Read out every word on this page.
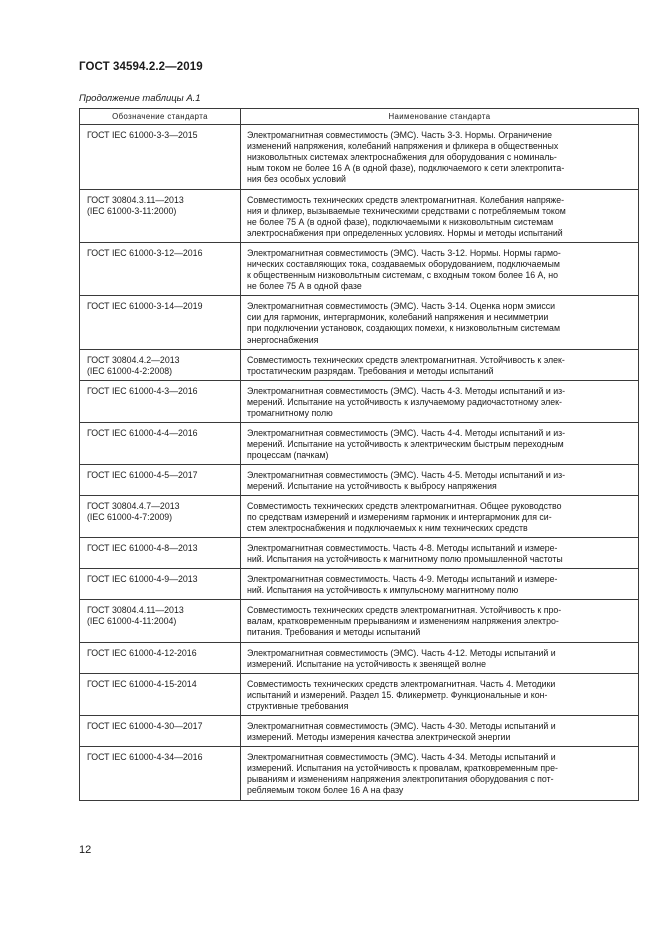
ГОСТ 34594.2.2—2019
Продолжение таблицы А.1
Обозначение стандарта	Наименование стандарта

ГОСТ IEC 61000-3-3—2015	Электромагнитная совместимость (ЭМС). Часть 3-3. Нормы. Ограничение
изменений напряжения, колебаний напряжения и фликера в общественных
низковольтных системах электроснабжения для оборудования с номиналь-
ным током не более 16 А (в одной фазе), подключаемого к сети электропита-
ния без особых условий

ГОСТ 30804.3.11—2013
(IEC 61000-3-11:2000)	Совместимость технических средств электромагнитная. Колебания напряже-
ния и фликер, вызываемые техническими средствами с потребляемым током
не более 75 А (в одной фазе), подключаемыми к низковольтным системам
электроснабжения при определенных условиях. Нормы и методы испытаний

ГОСТ IEC 61000-3-12—2016	Электромагнитная совместимость (ЭМС). Часть 3-12. Нормы. Нормы гармо-
нических составляющих тока, создаваемых оборудованием, подключаемым
к общественным низковольтным системам, с входным током более 16 А, но
не более 75 А в одной фазе

ГОСТ IEC 61000-3-14—2019	Электромагнитная совместимость (ЭМС). Часть 3-14. Оценка норм эмисси
сии для гармоник, интергармоник, колебаний напряжения и несимметрии
при подключении установок, создающих помехи, к низковольтным системам
энергоснабжения

ГОСТ 30804.4.2—2013
(IEC 61000-4-2:2008)	Совместимость технических средств электромагнитная. Устойчивость к элек-
тростатическим разрядам. Требования и методы испытаний

ГОСТ IEC 61000-4-3—2016	Электромагнитная совместимость (ЭМС). Часть 4-3. Методы испытаний и из-
мерений. Испытание на устойчивость к излучаемому радиочастотному элек-
тромагнитному полю

ГОСТ IEC 61000-4-4—2016	Электромагнитная совместимость (ЭМС). Часть 4-4. Методы испытаний и из-
мерений. Испытание на устойчивость к электрическим быстрым переходным
процессам (пачкам)

ГОСТ IEC 61000-4-5—2017	Электромагнитная совместимость (ЭМС). Часть 4-5. Методы испытаний и из-
мерений. Испытание на устойчивость к выбросу напряжения

ГОСТ 30804.4.7—2013
(IEC 61000-4-7:2009)	Совместимость технических средств электромагнитная. Общее руководство
по средствам измерений и измерениям гармоник и интергармоник для си-
стем электроснабжения и подключаемых к ним технических средств

ГОСТ IEC 61000-4-8—2013	Электромагнитная совместимость. Часть 4-8. Методы испытаний и измере-
ний. Испытания на устойчивость к магнитному полю промышленной частоты

ГОСТ IEC 61000-4-9—2013	Электромагнитная совместимость. Часть 4-9. Методы испытаний и измере-
ний. Испытания на устойчивость к импульсному магнитному полю

ГОСТ 30804.4.11—2013
(IEC 61000-4-11:2004)	Совместимость технических средств электромагнитная. Устойчивость к про-
валам, кратковременным прерываниям и изменениям напряжения электро-
питания. Требования и методы испытаний

ГОСТ IEC 61000-4-12-2016	Электромагнитная совместимость (ЭМС). Часть 4-12. Методы испытаний и
измерений. Испытание на устойчивость к звенящей волне

ГОСТ IEC 61000-4-15-2014	Совместимость технических средств электромагнитная. Часть 4. Методики
испытаний и измерений. Раздел 15. Фликерметр. Функциональные и кон-
структивные требования

ГОСТ IEC 61000-4-30—2017	Электромагнитная совместимость (ЭМС). Часть 4-30. Методы испытаний и
измерений. Методы измерения качества электрической энергии

ГОСТ IEC 61000-4-34—2016	Электромагнитная совместимость (ЭМС). Часть 4-34. Методы испытаний и
измерений. Испытания на устойчивость к провалам, кратковременным пре-
рываниям и изменениям напряжения электропитания оборудования с пот-
ребляемым током более 16 А на фазу
12
